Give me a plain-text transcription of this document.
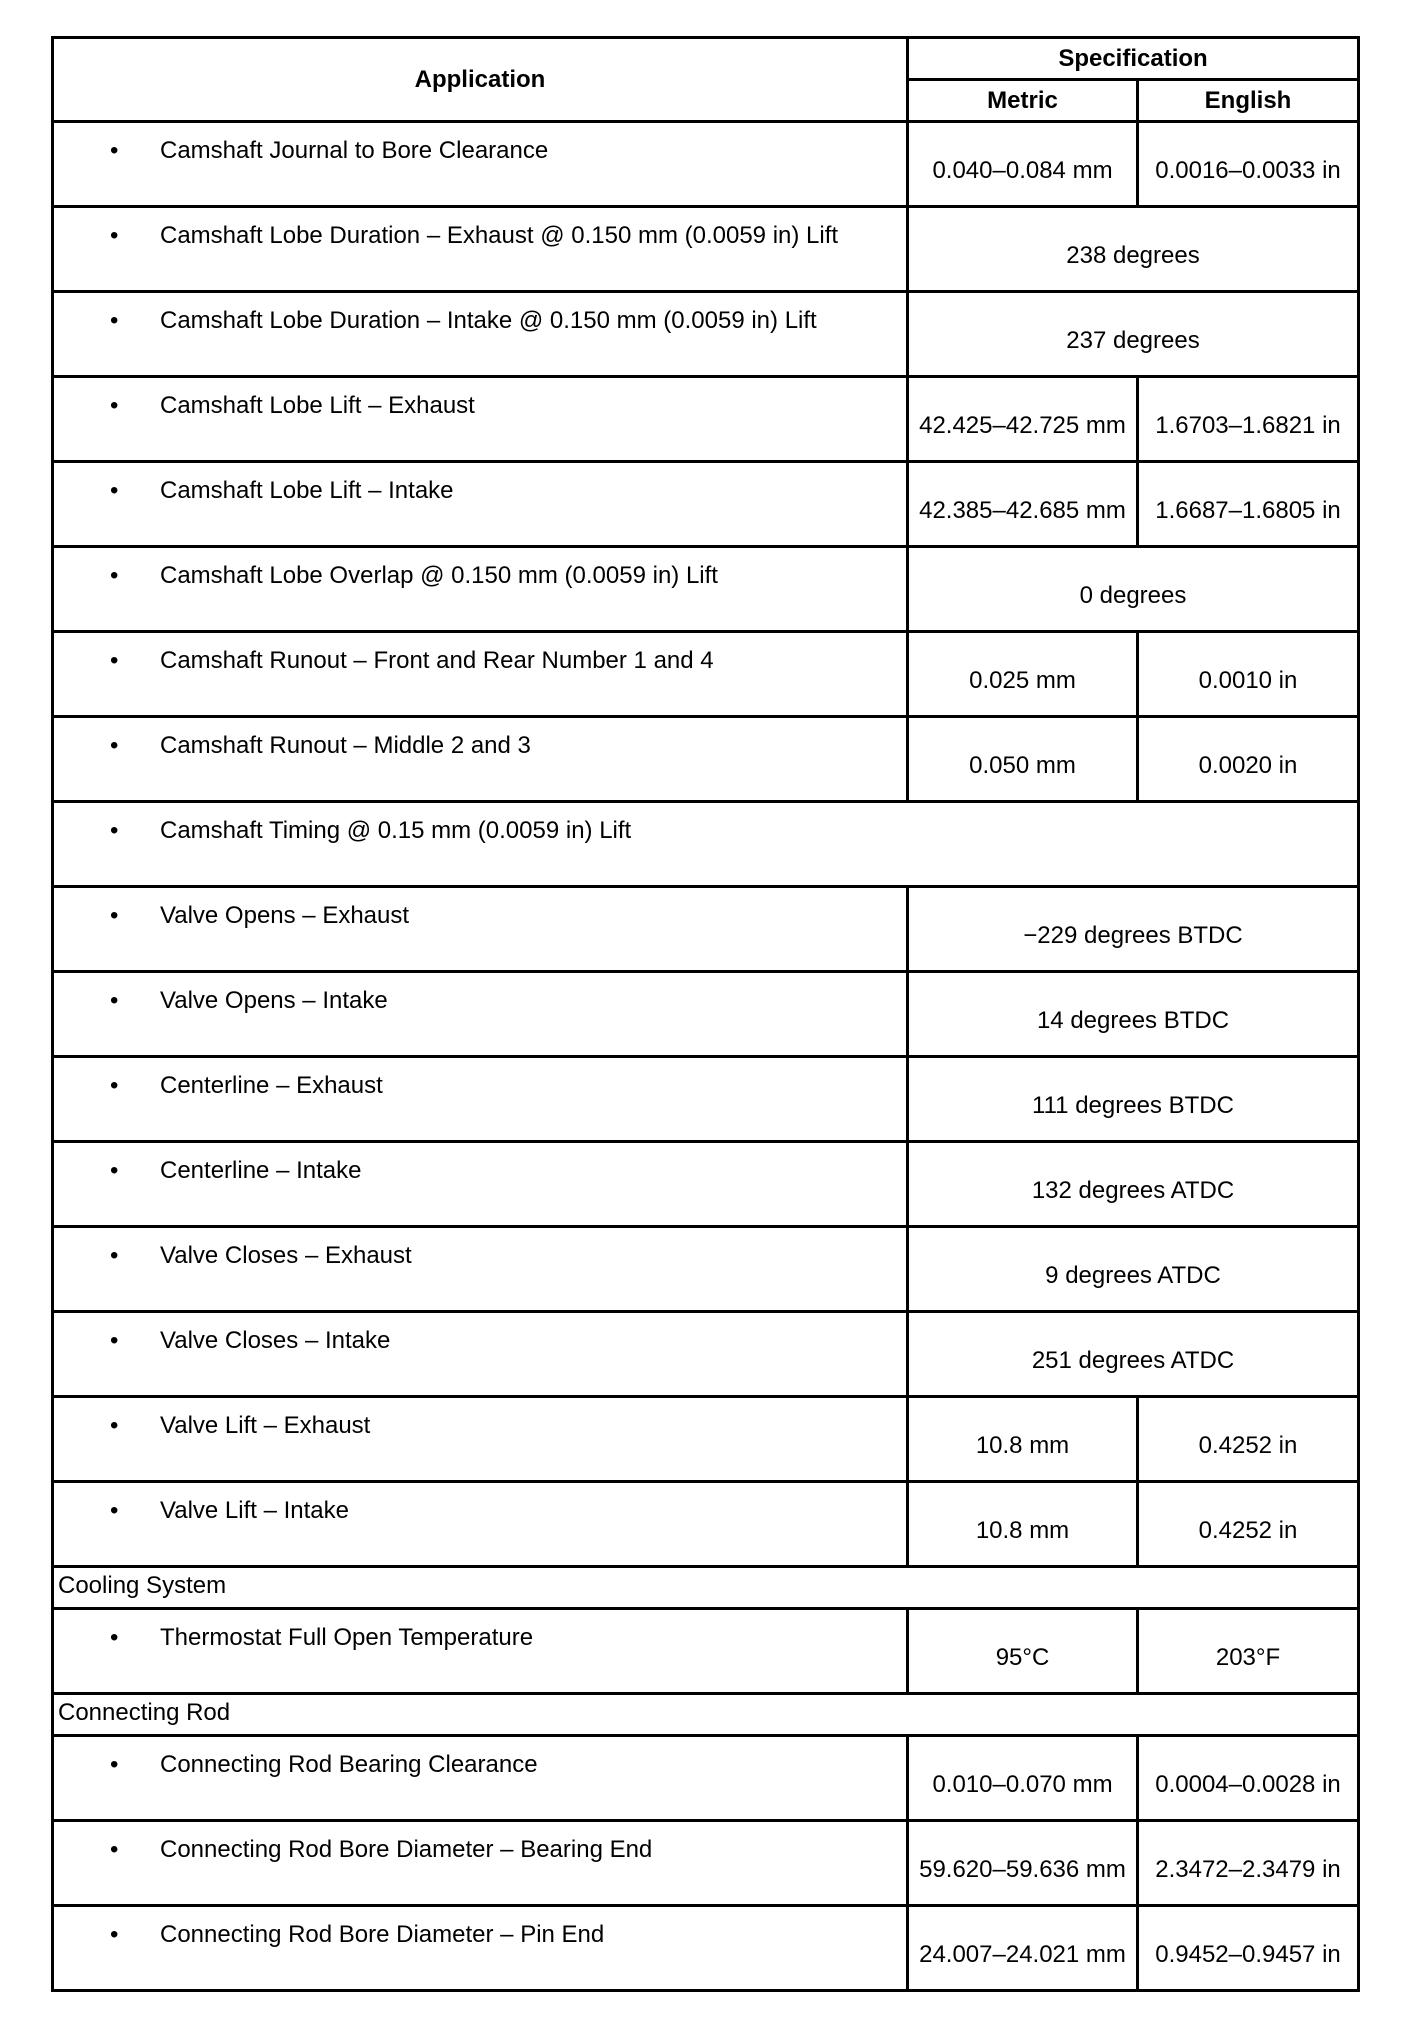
Application	Specification	
	Metric	English

• Camshaft Journal to Bore Clearance	0.040–0.084 mm	0.0016–0.0033 in

• Camshaft Lobe Duration – Exhaust @ 0.150 mm (0.0059 in) Lift	238 degrees	

• Camshaft Lobe Duration – Intake @ 0.150 mm (0.0059 in) Lift	237 degrees	

• Camshaft Lobe Lift – Exhaust	42.425–42.725 mm	1.6703–1.6821 in

• Camshaft Lobe Lift – Intake	42.385–42.685 mm	1.6687–1.6805 in

• Camshaft Lobe Overlap @ 0.150 mm (0.0059 in) Lift	0 degrees	

• Camshaft Runout – Front and Rear Number 1 and 4	0.025 mm	0.0010 in

• Camshaft Runout – Middle 2 and 3	0.050 mm	0.0020 in

• Camshaft Timing @ 0.15 mm (0.0059 in) Lift		

• Valve Opens – Exhaust	−229 degrees BTDC	

• Valve Opens – Intake	14 degrees BTDC	

• Centerline – Exhaust	111 degrees BTDC	

• Centerline – Intake	132 degrees ATDC	

• Valve Closes – Exhaust	9 degrees ATDC	

• Valve Closes – Intake	251 degrees ATDC	

• Valve Lift – Exhaust	10.8 mm	0.4252 in

• Valve Lift – Intake	10.8 mm	0.4252 in
Cooling System		

• Thermostat Full Open Temperature	95°C	203°F
Connecting Rod		

• Connecting Rod Bearing Clearance	0.010–0.070 mm	0.0004–0.0028 in

• Connecting Rod Bore Diameter – Bearing End	59.620–59.636 mm	2.3472–2.3479 in

• Connecting Rod Bore Diameter – Pin End	24.007–24.021 mm	0.9452–0.9457 in
